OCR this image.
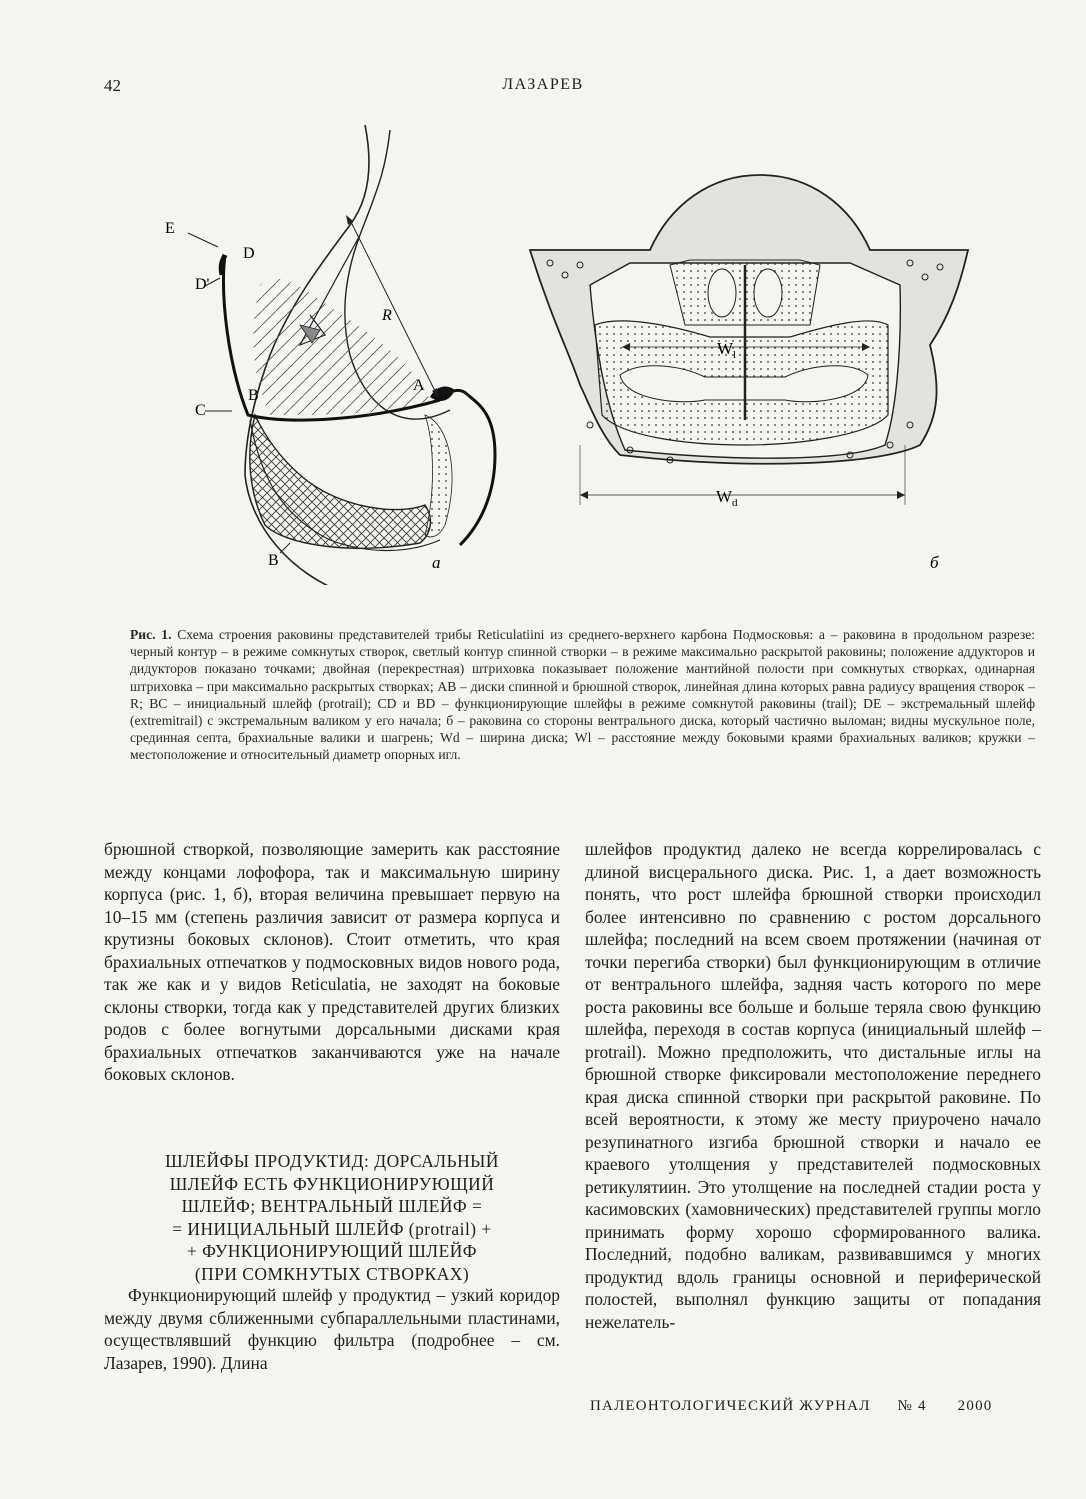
42	ЛАЗАРЕВ
E
D
D'
C
B
B
A
R
а
$W_l$
$W_d$
б
Рис. 1. Схема строения раковины представителей трибы Reticulatiini из среднего-верхнего карбона Подмосковья: а – раковина в продольном разрезе: черный контур – в режиме сомкнутых створок, светлый контур спинной створки – в режиме максимально раскрытой раковины; положение аддукторов и дидукторов показано точками; двойная (перекрестная) штриховка показывает положение мантийной полости при сомкнутых створках, одинарная штриховка – при максимально раскрытых створках; AB – диски спинной и брюшной створок, линейная длина которых равна радиусу вращения створок – R; BC – инициальный шлейф (protrail); CD и BD – функционирующие шлейфы в режиме сомкнутой раковины (trail); DE – экстремальный шлейф (extremitrail) с экстремальным валиком у его начала; б – раковина со стороны вентрального диска, который частично выломан; видны мускульное поле, срединная септа, брахиальные валики и шагрень; Wd – ширина диска; Wl – расстояние между боковыми краями брахиальных валиков; кружки – местоположение и относительный диаметр опорных игл.

брюшной створкой, позволяющие замерить как расстояние между концами лофофора, так и максимальную ширину корпуса (рис. 1, б), вторая величина превышает первую на 10–15 мм (степень различия зависит от размера корпуса и крутизны боковых склонов). Стоит отметить, что края брахиальных отпечатков у подмосковных видов нового рода, так же как и у видов Reticulatia, не заходят на боковые склоны створки, тогда как у представителей других близких родов с более вогнутыми дорсальными дисками края брахиальных отпечатков заканчиваются уже на начале боковых склонов.

ШЛЕЙФЫ ПРОДУКТИД: ДОРСАЛЬНЫЙ
ШЛЕЙФ ЕСТЬ ФУНКЦИОНИРУЮЩИЙ
ШЛЕЙФ; ВЕНТРАЛЬНЫЙ ШЛЕЙФ =
= ИНИЦИАЛЬНЫЙ ШЛЕЙФ (protrail) +
+ ФУНКЦИОНИРУЮЩИЙ ШЛЕЙФ
(ПРИ СОМКНУТЫХ СТВОРКАХ)

Функционирующий шлейф у продуктид – узкий коридор между двумя сближенными субпараллельными пластинами, осуществлявший функцию фильтра (подробнее – см. Лазарев, 1990). Длина

шлейфов продуктид далеко не всегда коррелировалась с длиной висцерального диска. Рис. 1, а дает возможность понять, что рост шлейфа брюшной створки происходил более интенсивно по сравнению с ростом дорсального шлейфа; последний на всем своем протяжении (начиная от точки перегиба створки) был функционирующим в отличие от вентрального шлейфа, задняя часть которого по мере роста раковины все больше и больше теряла свою функцию шлейфа, переходя в состав корпуса (инициальный шлейф – protrail). Можно предположить, что дистальные иглы на брюшной створке фиксировали местоположение переднего края диска спинной створки при раскрытой раковине. По всей вероятности, к этому же месту приурочено начало резупинатного изгиба брюшной створки и начало ее краевого утолщения у представителей подмосковных ретикулятиин. Это утолщение на последней стадии роста у касимовских (хамовнических) представителей группы могло принимать форму хорошо сформированного валика. Последний, подобно валикам, развивавшимся у многих продуктид вдоль границы основной и периферической полостей, выполнял функцию защиты от попадания нежелатель-

ПАЛЕОНТОЛОГИЧЕСКИЙ ЖУРНАЛ № 4 2000
